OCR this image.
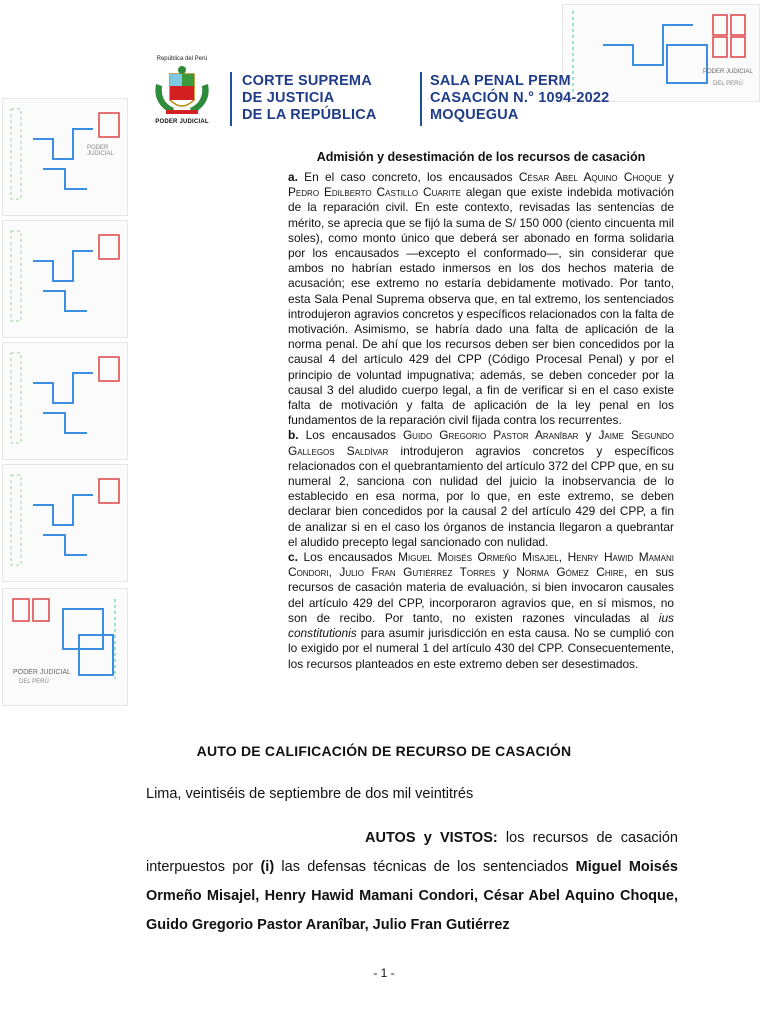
PODER JUDICIAL
PODER JUDICIAL
DEL PERÚ
PODER JUDICIAL
DEL PERÚ
República del Perú
PODER JUDICIAL
CORTE SUPREMA
DE JUSTICIA
DE LA REPÚBLICA
SALA PENAL PERM
CASACIÓN N.° 1094-2022
MOQUEGUA
Admisión y desestimación de los recursos de casación

a. En el caso concreto, los encausados César Abel Aquino Choque y Pedro Edilberto Castillo Cuarite alegan que existe indebida motivación de la reparación civil. En este contexto, revisadas las sentencias de mérito, se aprecia que se fijó la suma de S/ 150 000 (ciento cincuenta mil soles), como monto único que deberá ser abonado en forma solidaria por los encausados —excepto el conformado—, sin considerar que ambos no habrían estado inmersos en los dos hechos materia de acusación; ese extremo no estaría debidamente motivado. Por tanto, esta Sala Penal Suprema observa que, en tal extremo, los sentenciados introdujeron agravios concretos y específicos relacionados con la falta de motivación. Asimismo, se habría dado una falta de aplicación de la norma penal. De ahí que los recursos deben ser bien concedidos por la causal 4 del artículo 429 del CPP (Código Procesal Penal) y por el principio de voluntad impugnativa; además, se deben conceder por la causal 3 del aludido cuerpo legal, a fin de verificar si en el caso existe falta de motivación y falta de aplicación de la ley penal en los fundamentos de la reparación civil fijada contra los recurrentes.

b. Los encausados Guido Gregorio Pastor Aranîbar y Jaime Segundo Gallegos Saldívar introdujeron agravios concretos y específicos relacionados con el quebrantamiento del artículo 372 del CPP que, en su numeral 2, sanciona con nulidad del juicio la inobservancia de lo establecido en esa norma, por lo que, en este extremo, se deben declarar bien concedidos por la causal 2 del artículo 429 del CPP, a fin de analizar si en el caso los órganos de instancia llegaron a quebrantar el aludido precepto legal sancionado con nulidad.

c. Los encausados Miguel Moisés Ormeño Misajel, Henry Hawid Mamani Condori, Julio Fran Gutiérrez Torres y Norma Gómez Chire, en sus recursos de casación materia de evaluación, si bien invocaron causales del artículo 429 del CPP, incorporaron agravios que, en sí mismos, no son de recibo. Por tanto, no existen razones vinculadas al ius constitutionis para asumir jurisdicción en esta causa. No se cumplió con lo exigido por el numeral 1 del artículo 430 del CPP. Consecuentemente, los recursos planteados en este extremo deben ser desestimados.

AUTO DE CALIFICACIÓN DE RECURSO DE CASACIÓN
Lima, veintiséis de septiembre de dos mil veintitrés
AUTOS y VISTOS: los recursos de casación interpuestos por (i) las defensas técnicas de los sentenciados Miguel Moisés Ormeño Misajel, Henry Hawid Mamani Condori, César Abel Aquino Choque, Guido Gregorio Pastor Aranîbar, Julio Fran Gutiérrez
- 1 -
